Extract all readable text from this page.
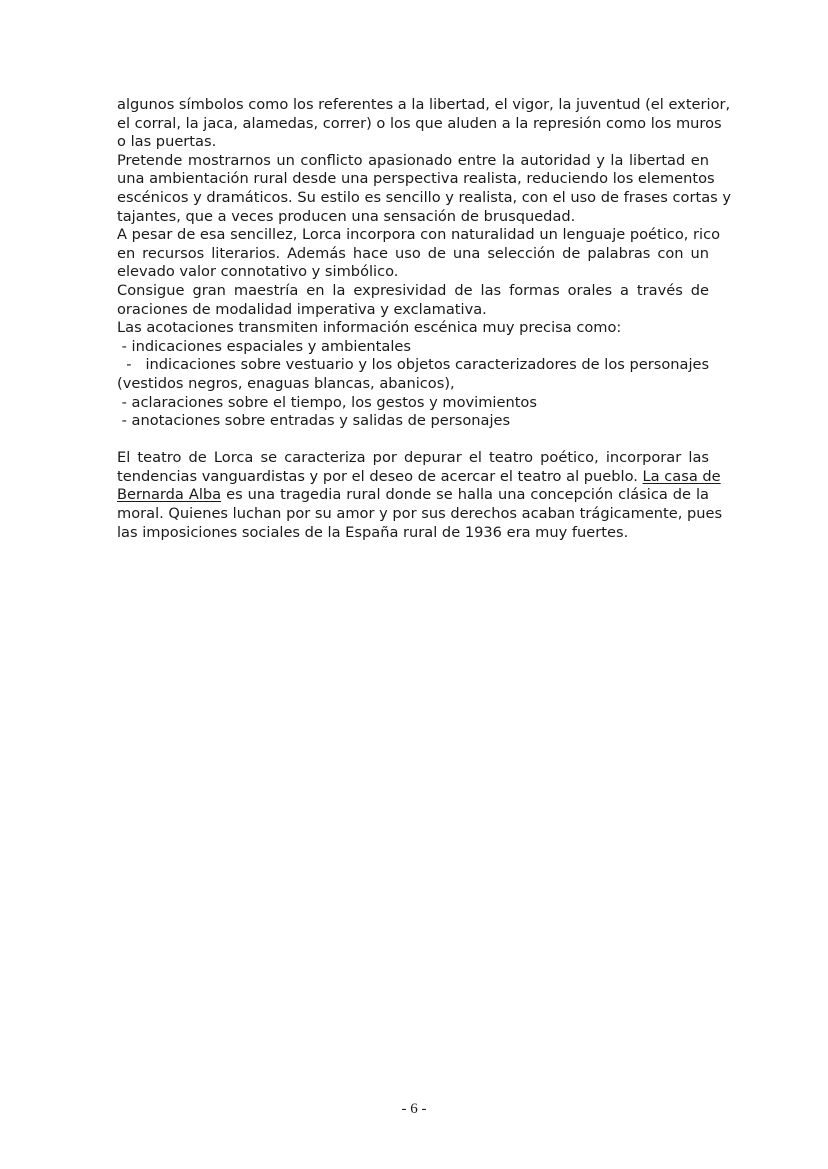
algunos símbolos como los referentes a la libertad, el vigor, la juventud (el exterior,
el corral, la jaca, alamedas, correr) o los que aluden a la represión como los muros
o las puertas.
Pretende mostrarnos un conflicto apasionado entre la autoridad y la libertad en
una ambientación rural desde una perspectiva realista, reduciendo los elementos
escénicos y dramáticos. Su estilo es sencillo y realista, con el uso de frases cortas y
tajantes, que a veces producen una sensación de brusquedad.
A pesar de esa sencillez, Lorca incorpora con naturalidad un lenguaje poético, rico
en recursos literarios. Además hace uso de una selección de palabras con un
elevado valor connotativo y simbólico.
Consigue gran maestría en la expresividad de las formas orales a través de
oraciones de modalidad imperativa y exclamativa.
Las acotaciones transmiten información escénica muy precisa como:
- indicaciones espaciales y ambientales
-   indicaciones sobre vestuario y los objetos caracterizadores de los personajes
(vestidos negros, enaguas blancas, abanicos),
- aclaraciones sobre el tiempo, los gestos y movimientos
- anotaciones sobre entradas y salidas de personajes
El teatro de Lorca se caracteriza por depurar el teatro poético, incorporar las
tendencias vanguardistas y por el deseo de acercar el teatro al pueblo. La casa de
Bernarda Alba es una tragedia rural donde se halla una concepción clásica de la
moral. Quienes luchan por su amor y por sus derechos acaban trágicamente, pues
las imposiciones sociales de la España rural de 1936 era muy fuertes.
- 6 -
